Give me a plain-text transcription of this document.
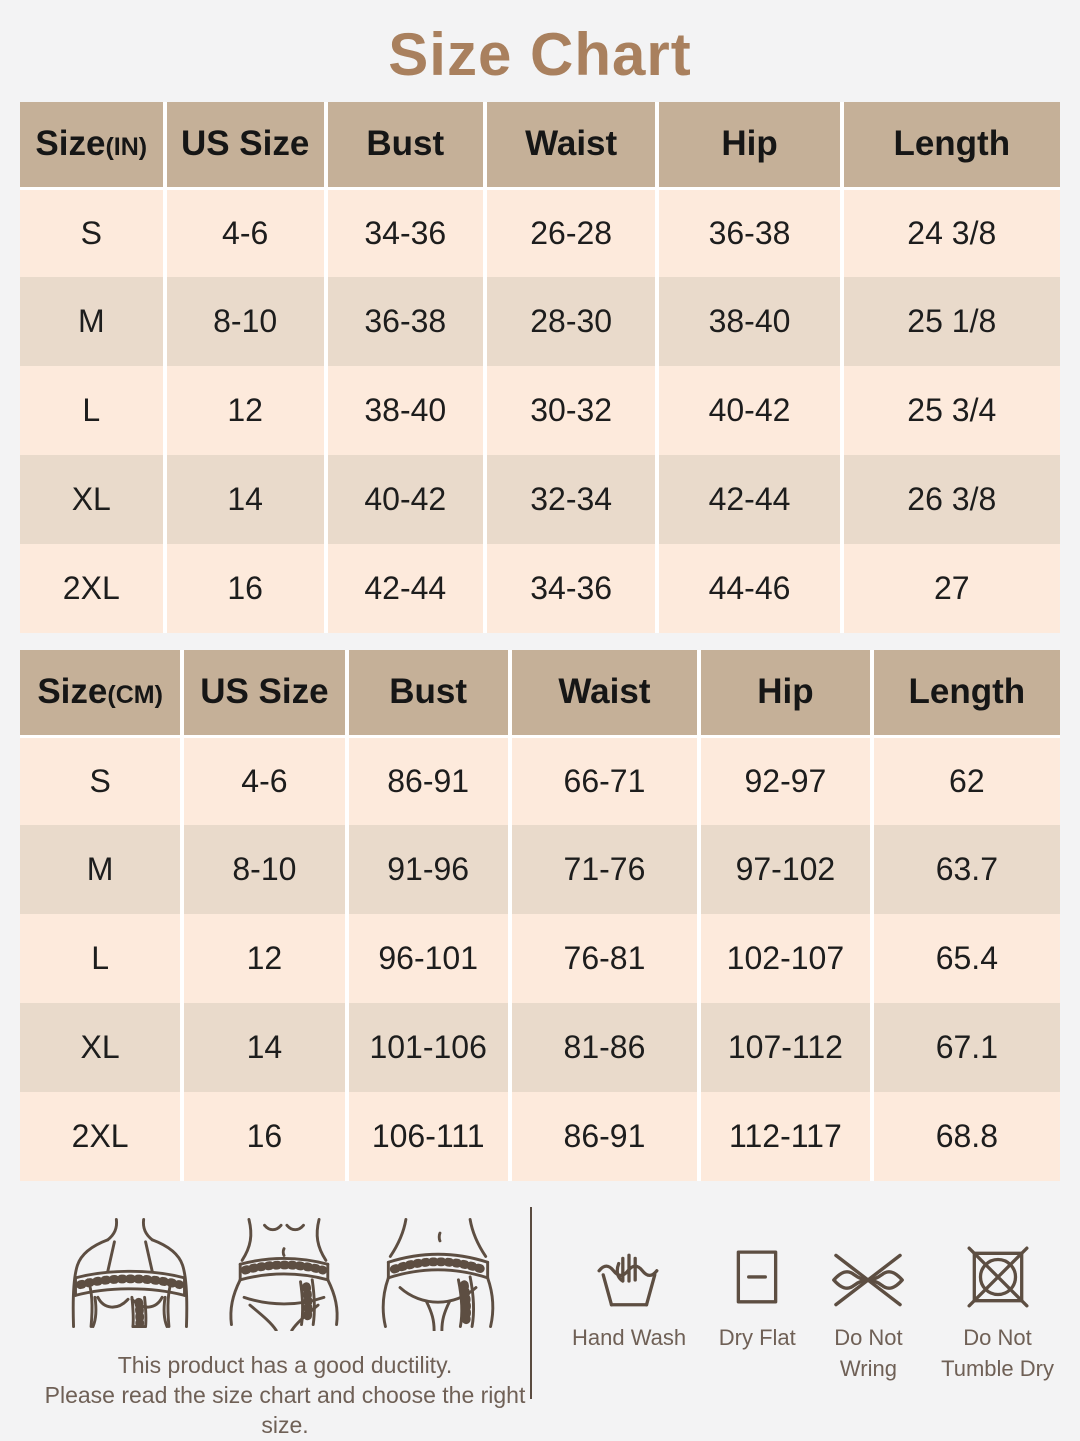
Size Chart
Size(IN)	US Size	Bust	Waist	Hip	Length
S	4-6	34-36	26-28	36-38	24 3/8
M	8-10	36-38	28-30	38-40	25 1/8
L	12	38-40	30-32	40-42	25 3/4
XL	14	40-42	32-34	42-44	26 3/8
2XL	16	42-44	34-36	44-46	27
Size(CM)	US Size	Bust	Waist	Hip	Length
S	4-6	86-91	66-71	92-97	62
M	8-10	91-96	71-76	97-102	63.7
L	12	96-101	76-81	102-107	65.4
XL	14	101-106	81-86	107-112	67.1
2XL	16	106-111	86-91	112-117	68.8
This product has a good ductility.
Please read the size chart and choose the right size.
Hand Wash Dry Flat Do Not
Wring
Do Not
Tumble Dry
